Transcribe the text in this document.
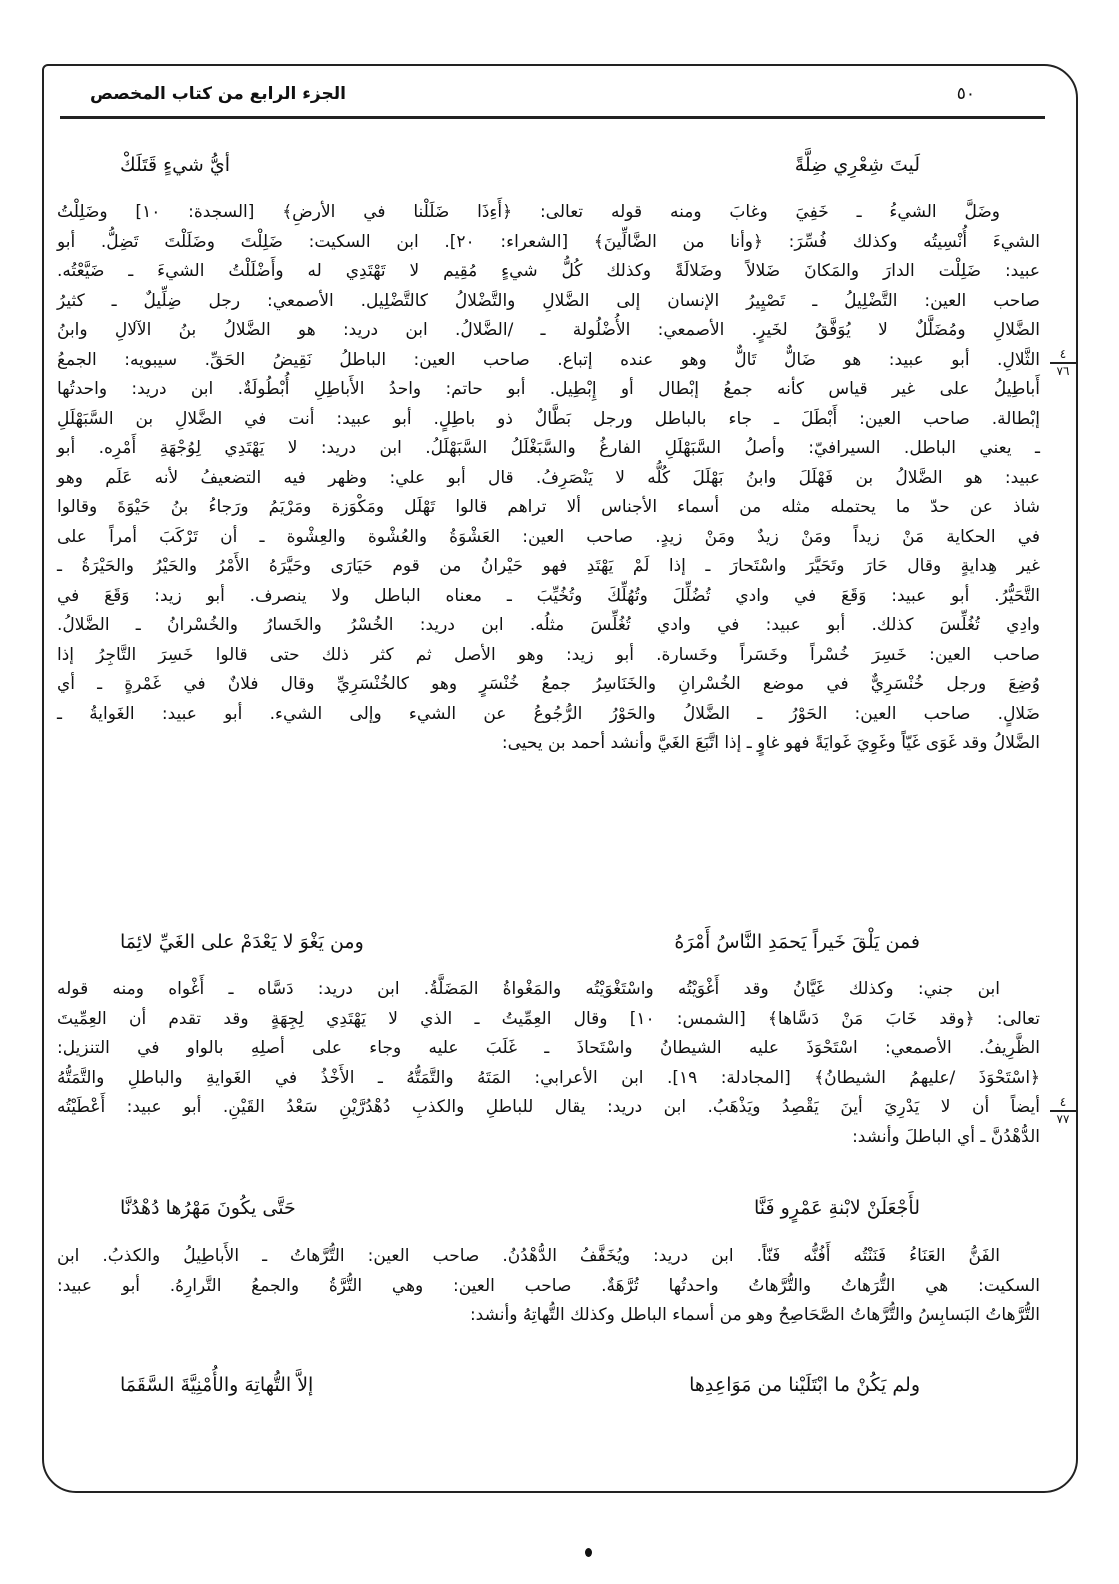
٥٠
الجزء الرابع من كتاب المخصص
لَيتَ شِعْرِي ضِلَّةً
أيُّ شيءٍ قَتَلَكْ
وضَلَّ الشيءُ ـ خَفِيَ وغابَ ومنه قوله تعالى: ﴿أَءِذَا ضَلَلْنا في الأرضِ﴾ [السجدة: ١٠] وضَلِلْتُ
الشيءَ أُنْسِيتُه وكذلك فُسِّرَ: ﴿وأنا من الضَّالِّينَ﴾ [الشعراء: ٢٠]. ابن السكيت: ضَلِلْتَ وضَلَلْتَ تَضِلُّ. أبو
عبيد: ضَلِلْت الدارَ والمَكانَ ضَلالاً وضَلالَةً وكذلك كُلُّ شيءٍ مُقِيم لا تَهْتَدِي له وأَضْلَلْتُ الشيءَ ـ ضَيَّعْتُه.
صاحب العين: التَّضْلِيلُ ـ تَصْيِيرُ الإنسان إلى الضَّلالِ والتَّضْلالُ كالتَّضْلِيل. الأصمعي: رجل ضِلِّيلٌ ـ كثيرُ
الضَّلالِ ومُضَلَّلٌ لا يُوَفَّقُ لخَيرٍ. الأصمعي: الأُضْلُولة ـ /الضَّلالُ. ابن دريد: هو الضَّلالُ بنُ الآلالِ وابنُ
الثَّلالِ. أبو عبيد: هو ضَالٌّ تَالٌّ وهو عنده إتباع. صاحب العين: الباطلُ نَقِيضُ الحَقِّ. سيبويه: الجمعُ
أَباطِيلُ على غير قياس كأنه جمعُ إبْطال أو إِبْطِيل. أبو حاتم: واحدُ الأَباطِلِ أُبْطُولَةٌ. ابن دريد: واحدتُها
إبْطالة. صاحب العين: أَبْطَلَ ـ جاء بالباطل ورجل بَطَّالٌ ذو باطِلٍ. أبو عبيد: أنت في الضَّلالِ بن السَّبَهْلَلِ
ـ يعني الباطل. السيرافيّ: وأصلُ السَّبَهْلَلِ الفارغُ والسَّبَغْلَلُ السَّبَهْلَلُ. ابن دريد: لا يَهْتَدِي لِوُجْهَةِ أَمْرِه. أبو
عبيد: هو الضَّلالُ بن فَهْلَلَ وابنُ بَهْلَلَ كُلُّه لا يَنْصَرِفُ. قال أبو علي: وظهر فيه التضعيفُ لأنه عَلَم وهو
شاذ عن حدّ ما يحتمله مثله من أسماء الأجناس ألا تراهم قالوا تَهْلَل ومَكْوَزة ومَرْيَمُ ورَجاءُ بنُ حَيْوَةَ وقالوا
في الحكاية مَنْ زيداً ومَنْ زيدٌ ومَنْ زيدٍ. صاحب العين: العَشْوَةُ والعُشْوة والعِشْوة ـ أن تَرْكَبَ أمراً على
غير هِدايةٍ وقال حَارَ وتَحَيَّرَ واسْتَحارَ ـ إذا لَمْ يَهْتَدِ فهو حَيْرانُ من قوم حَيَارَى وحَيَّرَهُ الأَمْرُ والحَيْرُ والحَيْرَةُ ـ
التَّحَيُّرُ. أبو عبيد: وَقَعَ في وادي تُضُلِّلَ وتُهُلِّكَ وتُخُيِّبَ ـ معناه الباطل ولا ينصرف. أبو زيد: وَقَعَ في
وادِي تُغُلِّسَ كذلك. أبو عبيد: في وادي تُغُلِّسَ مثلُه. ابن دريد: الخُسْرُ والخَسارُ والخُسْرانُ ـ الضَّلالُ.
صاحب العين: خَسِرَ خُسْراً وخَسَراً وخَسارة. أبو زيد: وهو الأصل ثم كثر ذلك حتى قالوا خَسِرَ التَّاجِرُ إذا
وُضِعَ ورجل خُنْسَرِيٌّ في موضع الخُسْرانِ والخَنَاسِرُ جمعُ خُنْسَرٍ وهو كالخُنْسَرِيِّ وقال فلانٌ في غَمْرةٍ ـ أي
ضَلالٍ. صاحب العين: الحَوْرُ ـ الضَّلالُ والحَوْرُ الرُّجُوعُ عن الشيء وإلى الشيء. أبو عبيد: الغَوايةُ ـ
الضَّلالُ وقد غَوَى غَيّاً وغَوِيَ غَوايَةً فهو غاوٍ ـ إذا اتَّبَعَ الغَيَّ وأنشد أحمد بن يحيى:
فمن يَلْقَ خَيراً يَحمَدِ النَّاسُ أَمْرَهُ
ومن يَغْوَ لا يَعْدَمْ على الغَيِّ لائِمَا
ابن جني: وكذلك غَيَّانُ وقد أَغْوَيْتُه واسْتَغْوَيْتُه والمَغْواةُ المَضَلَّةُ. ابن دريد: دَسَّاه ـ أَغْواه ومنه قوله
تعالى: ﴿وقد خَابَ مَنْ دَسَّاها﴾ [الشمس: ١٠] وقال العِمِّيتُ ـ الذي لا يَهْتَدِي لِجِهَةٍ وقد تقدم أن العِمِّيتَ
الظَّرِيفُ. الأصمعي: اسْتَحْوَذَ عليه الشيطانُ واسْتَحاذَ ـ غَلَبَ عليه وجاء على أصلِهِ بالواو في التنزيل:
﴿اسْتَحْوَذَ /عليهمُ الشيطانُ﴾ [المجادلة: ١٩]. ابن الأعرابي: المَتَهُ والتَّمَتُّهُ ـ الأَخْذُ في الغَوايةِ والباطلِ والتَّمَتُّهُ
أيضاً أن لا يَدْرِيَ أينَ يَقْصِدُ ويَذْهَبُ. ابن دريد: يقال للباطلِ والكذبِ دُهْدُرَّيْنِ سَعْدُ القَيْنِ. أبو عبيد: أَعْطَيْتُه
الدُّهْدُنَّ ـ أي الباطلَ وأنشد:
لأَجْعَلَنْ لابْنةِ عَمْرٍو فَنَّا
حَتَّى يكُونَ مَهْرُها دُهْدُنَّا
الفَنُّ العَنَاءُ فَنَنْتُه أَفُنُّه فَنّاً. ابن دريد: ويُخَفَّفُ الدُّهْدُنُ. صاحب العين: التُّرَّهاتُ ـ الأَباطِيلُ والكذبُ. ابن
السكيت: هي التُّرَهاتُ والتُّرَّهاتُ واحدتُها تُرَّهَةٌ. صاحب العين: وهي التُّرَّةُ والجمعُ التَّرارِهُ. أبو عبيد:
التُّرَّهاتُ البَسابِسُ والتُّرَّهاتُ الصَّحَاصِحُ وهو من أسماء الباطل وكذلك التُّهاتِهُ وأنشد:
ولم يَكُنْ ما ابْتَلَيْنا من مَوَاعِدِها
إلاَّ التُّهاتِهَ والأُمْنِيَّةَ السَّقَمَا
٤
٧٦
٤
٧٧
